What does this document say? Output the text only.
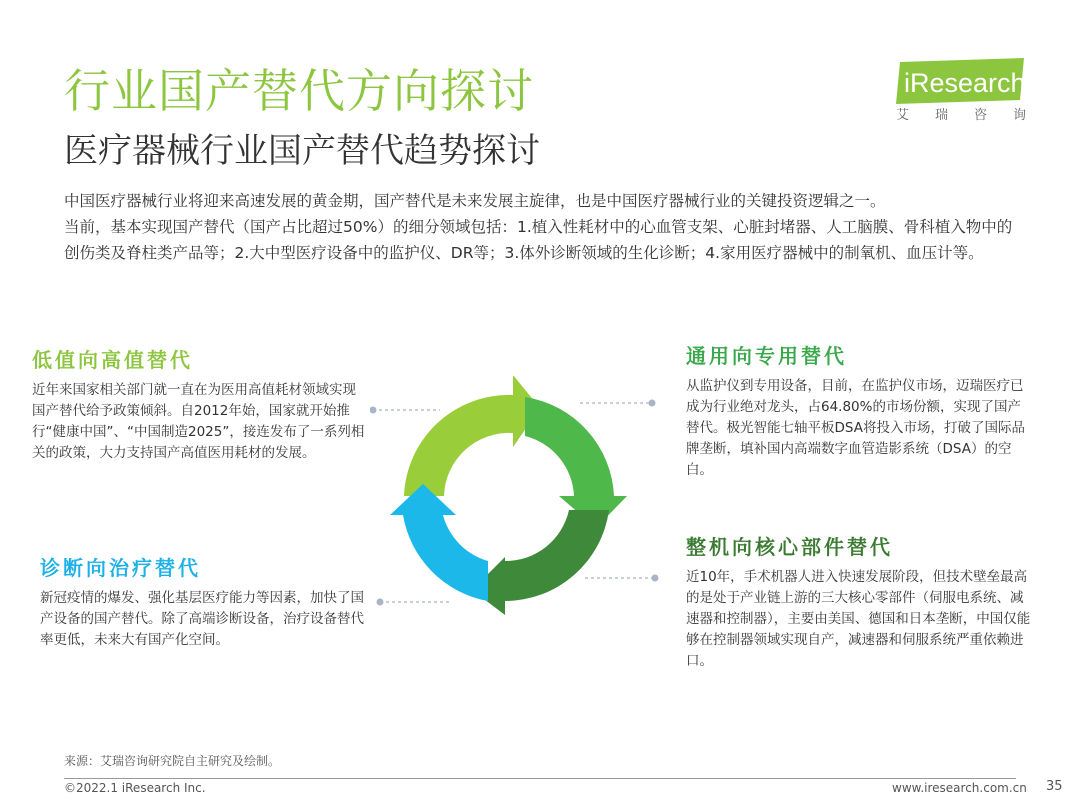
行业国产替代方向探讨
医疗器械行业国产替代趋势探讨
iResearch
艾 瑞 咨 询

中国医疗器械行业将迎来高速发展的黄金期，国产替代是未来发展主旋律，也是中国医疗器械行业的关键投资逻辑之一。

当前，基本实现国产替代（国产占比超过50%）的细分领域包括：1.植入性耗材中的心血管支架、心脏封堵器、人工脑膜、骨科植入物中的创伤类及脊柱类产品等；2.大中型医疗设备中的监护仪、DR等；3.体外诊断领域的生化诊断；4.家用医疗器械中的制氧机、血压计等。

低值向高值替代

近年来国家相关部门就一直在为医用高值耗材领域实现国产替代给予政策倾斜。自2012年始，国家就开始推行“健康中国”、“中国制造2025”，接连发布了一系列相关的政策，大力支持国产高值医用耗材的发展。

诊断向治疗替代

新冠疫情的爆发、强化基层医疗能力等因素，加快了国产设备的国产替代。除了高端诊断设备，治疗设备替代率更低，未来大有国产化空间。

通用向专用替代

从监护仪到专用设备，目前，在监护仪市场，迈瑞医疗已成为行业绝对龙头，占64.80%的市场份额，实现了国产替代。极光智能七轴平板DSA将投入市场，打破了国际品牌垄断，填补国内高端数字血管造影系统（DSA）的空白。

整机向核心部件替代

近10年，手术机器人进入快速发展阶段，但技术壁垒最高的是处于产业链上游的三大核心零部件（伺服电系统、减速器和控制器），主要由美国、德国和日本垄断，中国仅能够在控制器领域实现自产，减速器和伺服系统严重依赖进口。

来源：艾瑞咨询研究院自主研究及绘制。
©2022.1 iResearch Inc.	www.iresearch.com.cn 35
